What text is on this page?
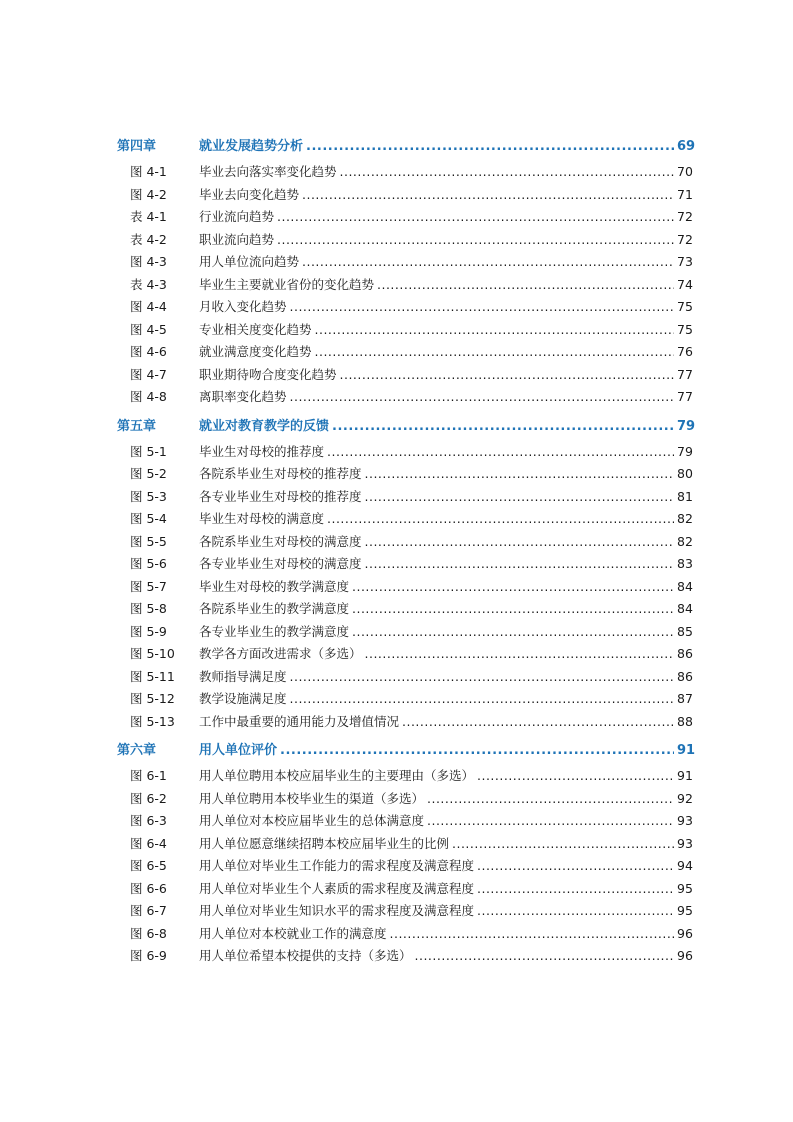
第四章	就业发展趋势分析 .....	69
图 4-1	毕业去向落实率变化趋势 .....	70
图 4-2	毕业去向变化趋势 .....	71
表 4-1	行业流向趋势 .....	72
表 4-2	职业流向趋势 .....	72
图 4-3	用人单位流向趋势 .....	73
表 4-3	毕业生主要就业省份的变化趋势 .....	74
图 4-4	月收入变化趋势 .....	75
图 4-5	专业相关度变化趋势 .....	75
图 4-6	就业满意度变化趋势 .....	76
图 4-7	职业期待吻合度变化趋势 .....	77
图 4-8	离职率变化趋势 .....	77
第五章	就业对教育教学的反馈 .....	79
图 5-1	毕业生对母校的推荐度 .....	79
图 5-2	各院系毕业生对母校的推荐度 .....	80
图 5-3	各专业毕业生对母校的推荐度 .....	81
图 5-4	毕业生对母校的满意度 .....	82
图 5-5	各院系毕业生对母校的满意度 .....	82
图 5-6	各专业毕业生对母校的满意度 .....	83
图 5-7	毕业生对母校的教学满意度 .....	84
图 5-8	各院系毕业生的教学满意度 .....	84
图 5-9	各专业毕业生的教学满意度 .....	85
图 5-10	教学各方面改进需求（多选） .....	86
图 5-11	教师指导满足度 .....	86
图 5-12	教学设施满足度 .....	87
图 5-13	工作中最重要的通用能力及增值情况 .....	88
第六章	用人单位评价 .....	91
图 6-1	用人单位聘用本校应届毕业生的主要理由（多选） .....	91
图 6-2	用人单位聘用本校毕业生的渠道（多选） .....	92
图 6-3	用人单位对本校应届毕业生的总体满意度 .....	93
图 6-4	用人单位愿意继续招聘本校应届毕业生的比例 .....	93
图 6-5	用人单位对毕业生工作能力的需求程度及满意程度 .....	94
图 6-6	用人单位对毕业生个人素质的需求程度及满意程度 .....	95
图 6-7	用人单位对毕业生知识水平的需求程度及满意程度 .....	95
图 6-8	用人单位对本校就业工作的满意度 .....	96
图 6-9	用人单位希望本校提供的支持（多选） .....	96
